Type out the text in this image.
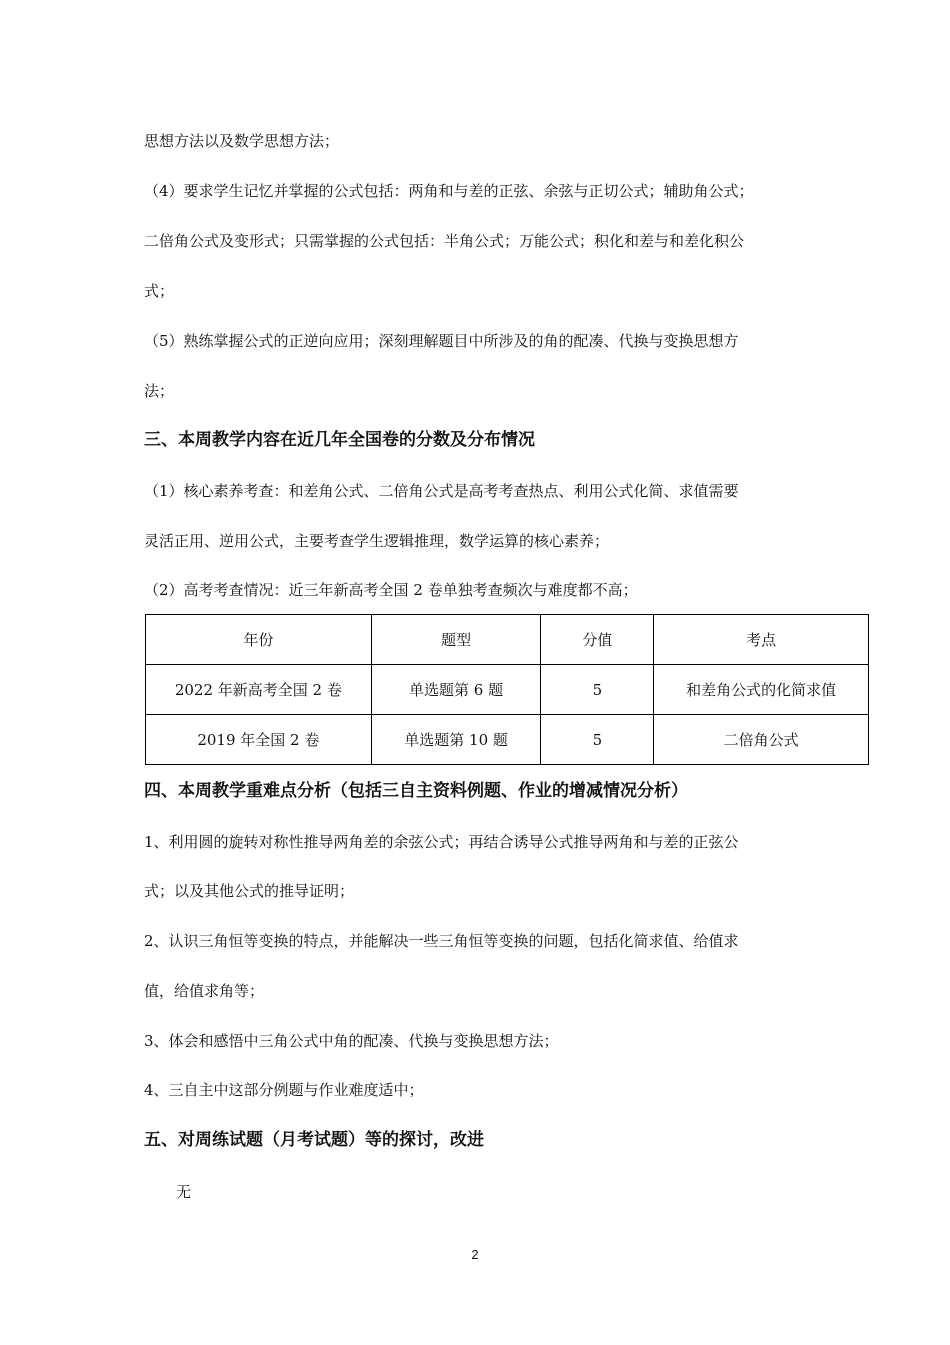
思想方法以及数学思想方法；

（4）要求学生记忆并掌握的公式包括：两角和与差的正弦、余弦与正切公式；辅助角公式；

二倍角公式及变形式；只需掌握的公式包括：半角公式；万能公式；积化和差与和差化积公

式；

（5）熟练掌握公式的正逆向应用；深刻理解题目中所涉及的角的配凑、代换与变换思想方

法；

三、本周教学内容在近几年全国卷的分数及分布情况

（1）核心素养考查：和差角公式、二倍角公式是高考考查热点、利用公式化简、求值需要

灵活正用、逆用公式，主要考查学生逻辑推理，数学运算的核心素养；

（2）高考考查情况：近三年新高考全国 2 卷单独考查频次与难度都不高；

年份	题型	分值	考点
2022 年新高考全国 2 卷	单选题第 6 题	5	和差角公式的化简求值
2019 年全国 2 卷	单选题第 10 题	5	二倍角公式
四、本周教学重难点分析（包括三自主资料例题、作业的增减情况分析）

1、利用圆的旋转对称性推导两角差的余弦公式；再结合诱导公式推导两角和与差的正弦公

式；以及其他公式的推导证明；

2、认识三角恒等变换的特点，并能解决一些三角恒等变换的问题，包括化简求值、给值求

值，给值求角等；

3、体会和感悟中三角公式中角的配凑、代换与变换思想方法；

4、三自主中这部分例题与作业难度适中；

五、对周练试题（月考试题）等的探讨，改进

无

2
